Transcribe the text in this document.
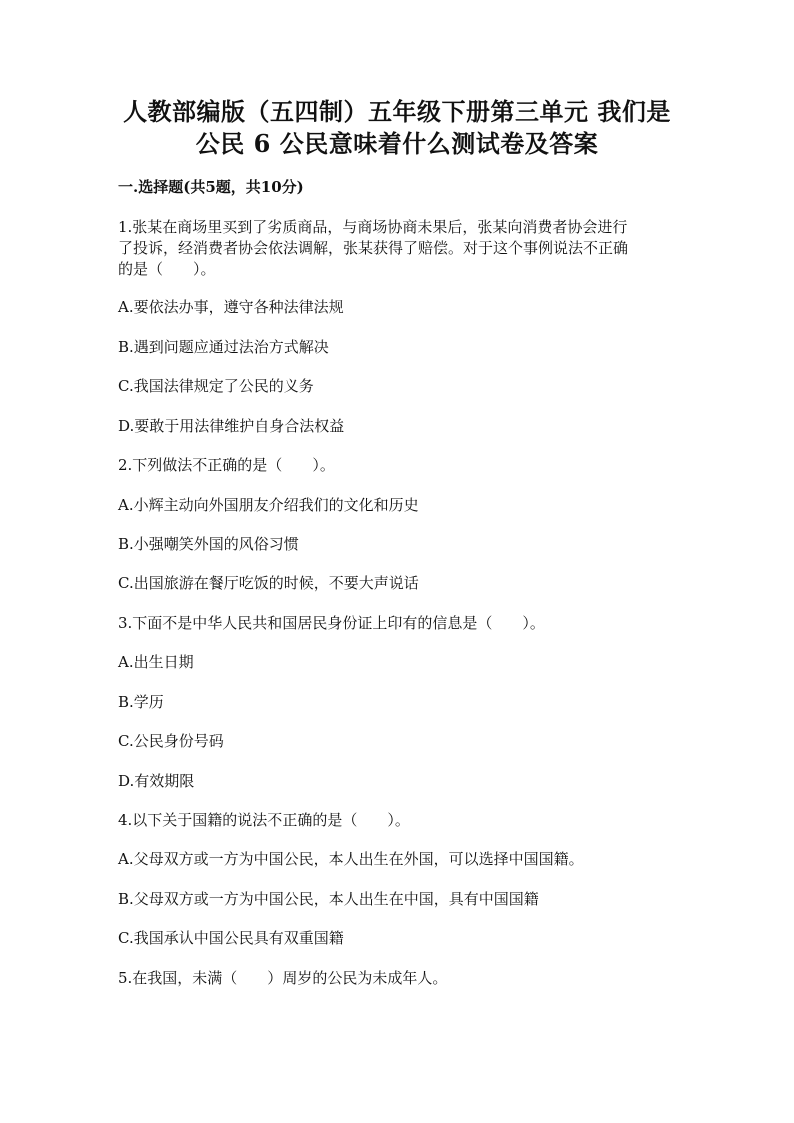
人教部编版（五四制）五年级下册第三单元 我们是
公民 6 公民意味着什么测试卷及答案
一.选择题(共5题，共10分)
1.张某在商场里买到了劣质商品，与商场协商未果后，张某向消费者协会进行
了投诉，经消费者协会依法调解，张某获得了赔偿。对于这个事例说法不正确
的是（　　）。
A.要依法办事，遵守各种法律法规
B.遇到问题应通过法治方式解决
C.我国法律规定了公民的义务
D.要敢于用法律维护自身合法权益
2.下列做法不正确的是（　　）。
A.小辉主动向外国朋友介绍我们的文化和历史
B.小强嘲笑外国的风俗习惯
C.出国旅游在餐厅吃饭的时候，不要大声说话
3.下面不是中华人民共和国居民身份证上印有的信息是（　　）。
A.出生日期
B.学历
C.公民身份号码
D.有效期限
4.以下关于国籍的说法不正确的是（　　）。
A.父母双方或一方为中国公民，本人出生在外国，可以选择中国国籍。
B.父母双方或一方为中国公民，本人出生在中国，具有中国国籍
C.我国承认中国公民具有双重国籍
5.在我国，未满（　　）周岁的公民为未成年人。
